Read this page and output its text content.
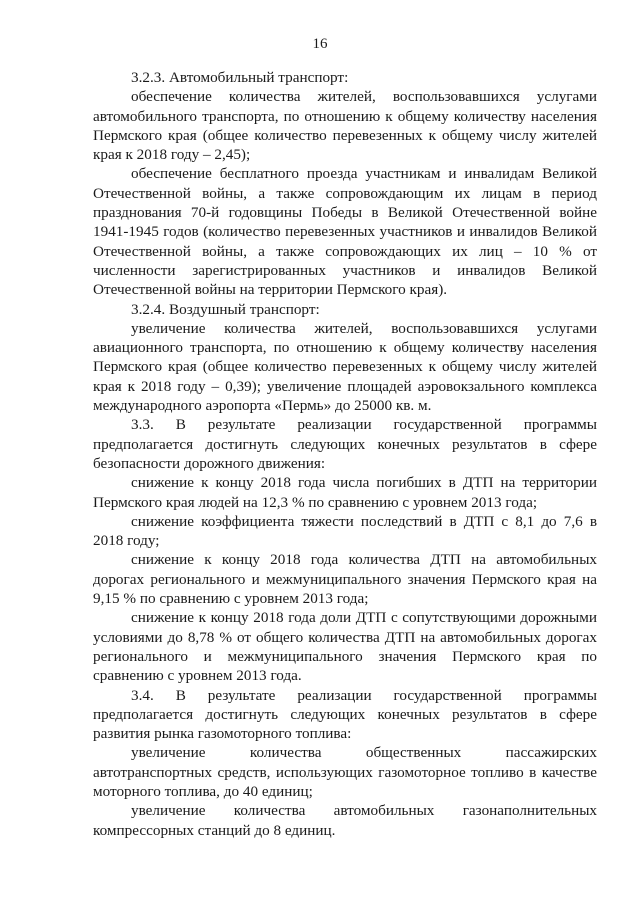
16

3.2.3. Автомобильный транспорт:

обеспечение количества жителей, воспользовавшихся услугами автомобильного транспорта, по отношению к общему количеству населения Пермского края (общее количество перевезенных к общему числу жителей края к 2018 году – 2,45);

обеспечение бесплатного проезда участникам и инвалидам Великой Отечественной войны, а также сопровождающим их лицам в период празднования 70-й годовщины Победы в Великой Отечественной войне 1941-1945 годов (количество перевезенных участников и инвалидов Великой Отечественной войны, а также сопровождающих их лиц – 10 % от численности зарегистрированных участников и инвалидов Великой Отечественной войны на территории Пермского края).

3.2.4. Воздушный транспорт:

увеличение количества жителей, воспользовавшихся услугами авиационного транспорта, по отношению к общему количеству населения Пермского края (общее количество перевезенных к общему числу жителей края к 2018 году – 0,39); увеличение площадей аэровокзального комплекса международного аэропорта «Пермь» до 25000 кв. м.

3.3. В результате реализации государственной программы предполагается достигнуть следующих конечных результатов в сфере безопасности дорожного движения:

снижение к концу 2018 года числа погибших в ДТП на территории Пермского края людей на 12,3 % по сравнению с уровнем 2013 года;

снижение коэффициента тяжести последствий в ДТП с 8,1 до 7,6 в 2018 году;

снижение к концу 2018 года количества ДТП на автомобильных дорогах регионального и межмуниципального значения Пермского края на 9,15 % по сравнению с уровнем 2013 года;

снижение к концу 2018 года доли ДТП с сопутствующими дорожными условиями до 8,78 % от общего количества ДТП на автомобильных дорогах регионального и межмуниципального значения Пермского края по сравнению с уровнем 2013 года.

3.4. В результате реализации государственной программы предполагается достигнуть следующих конечных результатов в сфере развития рынка газомоторного топлива:

увеличение количества общественных пассажирских автотранспортных средств, использующих газомоторное топливо в качестве моторного топлива, до 40 единиц;

увеличение количества автомобильных газонаполнительных компрессорных станций до 8 единиц.
